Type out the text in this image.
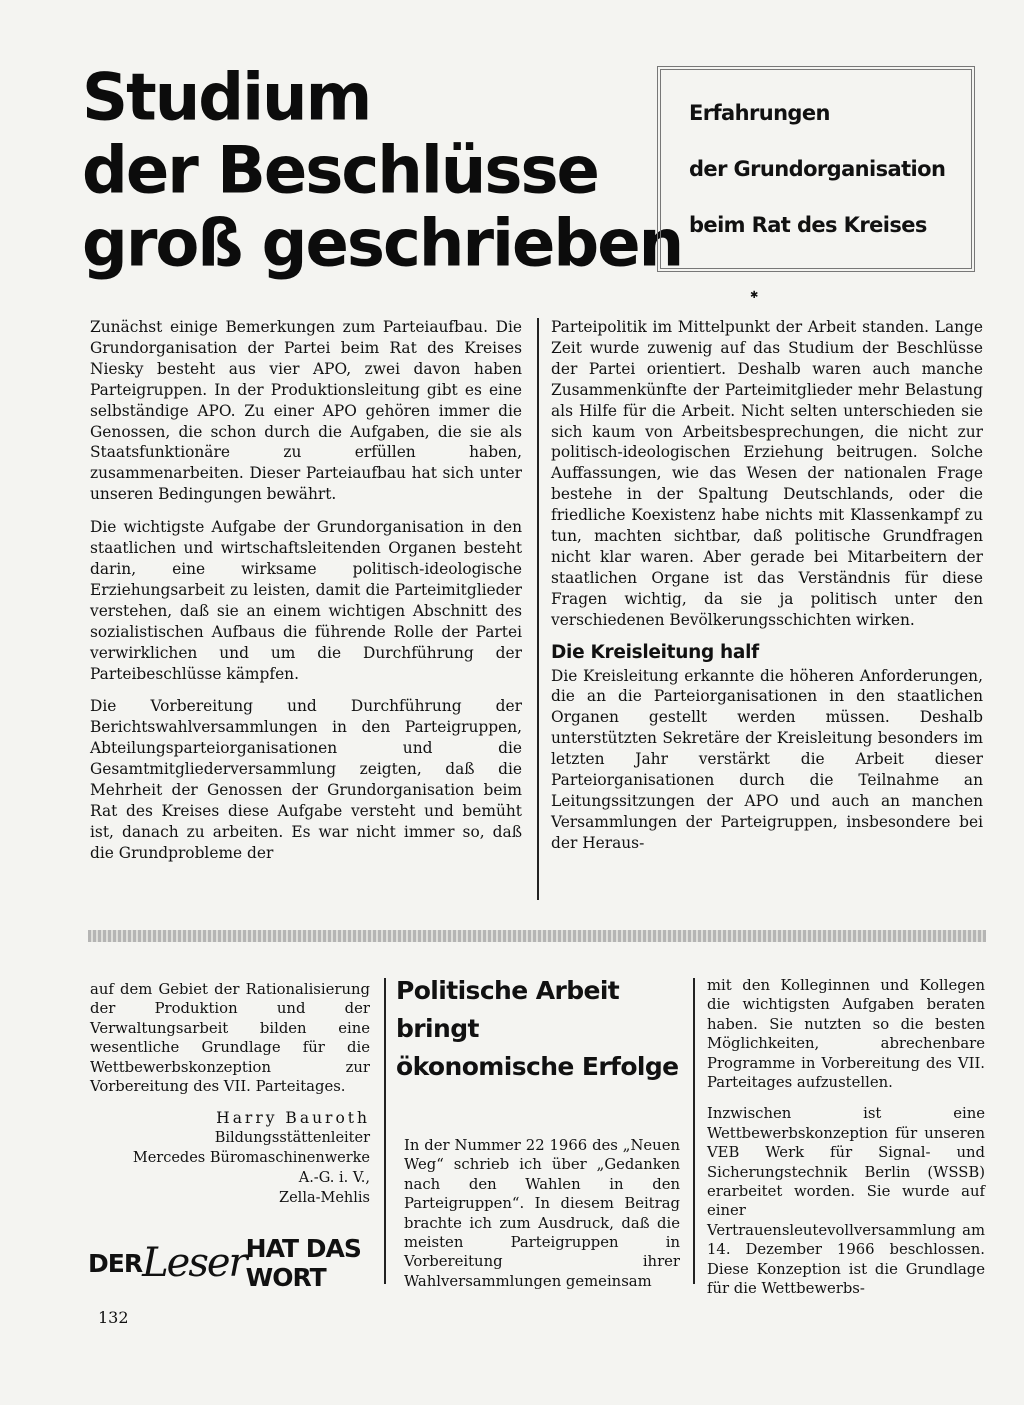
Studium
der Beschlüsse
groß geschrieben
Erfahrungen
der Grundorganisation
beim Rat des Kreises
✱

Zunächst einige Bemerkungen zum Parteiaufbau. Die Grundorganisation der Partei beim Rat des Kreises Niesky besteht aus vier APO, zwei davon haben Parteigruppen. In der Produktionsleitung gibt es eine selbständige APO. Zu einer APO gehören immer die Genossen, die schon durch die Aufgaben, die sie als Staatsfunktionäre zu erfüllen haben, zusammenarbeiten. Dieser Parteiaufbau hat sich unter unseren Bedingungen bewährt.

Die wichtigste Aufgabe der Grundorganisation in den staatlichen und wirtschaftsleitenden Organen besteht darin, eine wirksame politisch-ideologische Erziehungsarbeit zu leisten, damit die Parteimitglieder verstehen, daß sie an einem wichtigen Abschnitt des sozialistischen Aufbaus die führende Rolle der Partei verwirklichen und um die Durchführung der Parteibeschlüsse kämpfen.

Die Vorbereitung und Durchführung der Berichtswahlversammlungen in den Parteigruppen, Abteilungsparteiorganisationen und die Gesamtmitgliederversammlung zeigten, daß die Mehrheit der Genossen der Grundorganisation beim Rat des Kreises diese Aufgabe versteht und bemüht ist, danach zu arbeiten. Es war nicht immer so, daß die Grundprobleme der

Parteipolitik im Mittelpunkt der Arbeit standen. Lange Zeit wurde zuwenig auf das Studium der Beschlüsse der Partei orientiert. Deshalb waren auch manche Zusammenkünfte der Parteimitglieder mehr Belastung als Hilfe für die Arbeit. Nicht selten unterschieden sie sich kaum von Arbeitsbesprechungen, die nicht zur politisch-ideologischen Erziehung beitrugen. Solche Auffassungen, wie das Wesen der nationalen Frage bestehe in der Spaltung Deutschlands, oder die friedliche Koexistenz habe nichts mit Klassenkampf zu tun, machten sichtbar, daß politische Grundfragen nicht klar waren. Aber gerade bei Mitarbeitern der staatlichen Organe ist das Verständnis für diese Fragen wichtig, da sie ja politisch unter den verschiedenen Bevölkerungsschichten wirken.

Die Kreisleitung half

Die Kreisleitung erkannte die höheren Anforderungen, die an die Parteiorganisationen in den staatlichen Organen gestellt werden müssen. Deshalb unterstützten Sekretäre der Kreisleitung besonders im letzten Jahr verstärkt die Arbeit dieser Parteiorganisationen durch die Teilnahme an Leitungssitzungen der APO und auch an manchen Versammlungen der Parteigruppen, insbesondere bei der Heraus-

auf dem Gebiet der Rationalisierung der Produktion und der Verwaltungsarbeit bilden eine wesentliche Grundlage für die Wettbewerbskonzeption zur Vorbereitung des VII. Parteitages.

Harry Bauroth
Bildungsstättenleiter
Mercedes Büromaschinenwerke
A.-G. i. V.,
Zella-Mehlis
DER Leser HAT DAS WORT
Politische Arbeit
bringt
ökonomische Erfolge

In der Nummer 22 1966 des „Neuen Weg“ schrieb ich über „Gedanken nach den Wahlen in den Parteigruppen“. In diesem Beitrag brachte ich zum Ausdruck, daß die meisten Parteigruppen in Vorbereitung ihrer Wahlversammlungen gemeinsam

mit den Kolleginnen und Kollegen die wichtigsten Aufgaben beraten haben. Sie nutzten so die besten Möglichkeiten, abrechenbare Programme in Vorbereitung des VII. Parteitages aufzustellen.

Inzwischen ist eine Wettbewerbskonzeption für unseren VEB Werk für Signal- und Sicherungstechnik Berlin (WSSB) erarbeitet worden. Sie wurde auf einer Vertrauensleutevollversammlung am 14. Dezember 1966 beschlossen. Diese Konzeption ist die Grundlage für die Wettbewerbs-

132
